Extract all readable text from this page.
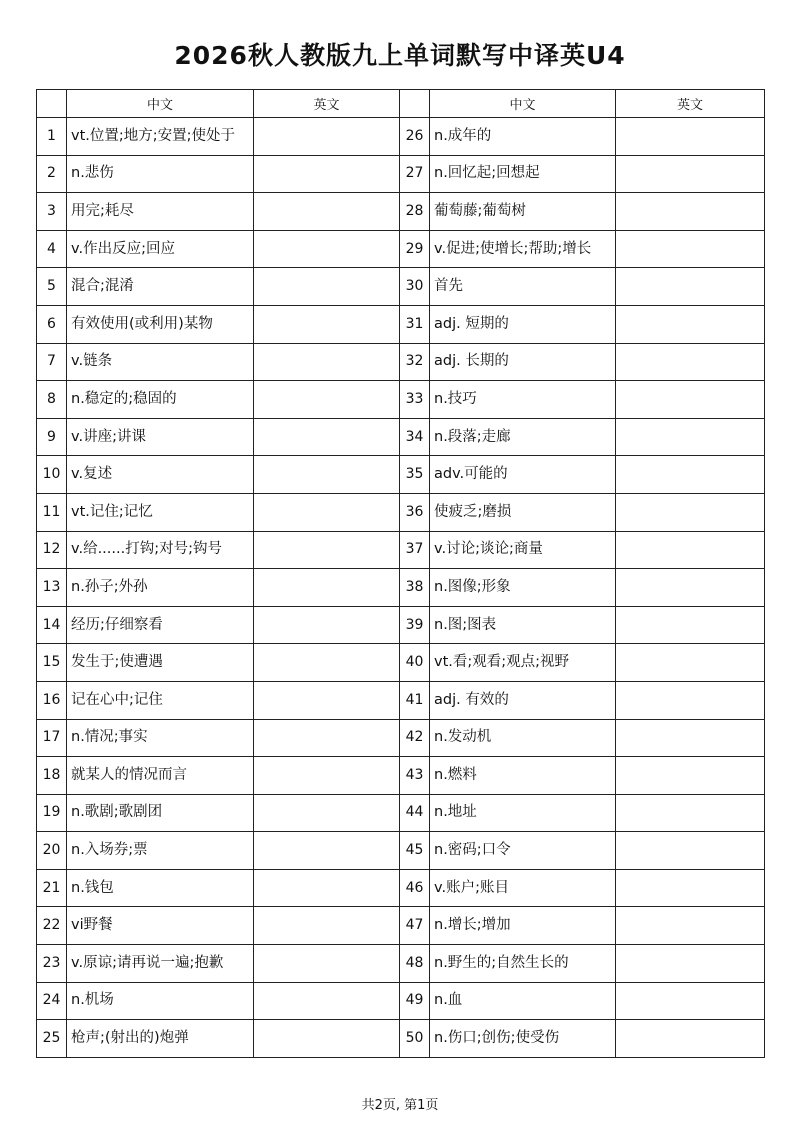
2026秋人教版九上单词默写中译英U4
	中文	英文		中文	英文
1	vt.位置;地方;安置;使处于		26	n.成年的	
2	n.悲伤		27	n.回忆起;回想起	
3	用完;耗尽		28	葡萄藤;葡萄树	
4	v.作出反应;回应		29	v.促进;使增长;帮助;增长	
5	混合;混淆		30	首先	
6	有效使用(或利用)某物		31	adj. 短期的	
7	v.链条		32	adj. 长期的	
8	n.稳定的;稳固的		33	n.技巧	
9	v.讲座;讲课		34	n.段落;走廊	
10	v.复述		35	adv.可能的	
11	vt.记住;记忆		36	使疲乏;磨损	
12	v.给......打钩;对号;钩号		37	v.讨论;谈论;商量	
13	n.孙子;外孙		38	n.图像;形象	
14	经历;仔细察看		39	n.图;图表	
15	发生于;使遭遇		40	vt.看;观看;观点;视野	
16	记在心中;记住		41	adj. 有效的	
17	n.情况;事实		42	n.发动机	
18	就某人的情况而言		43	n.燃料	
19	n.歌剧;歌剧团		44	n.地址	
20	n.入场券;票		45	n.密码;口令	
21	n.钱包		46	v.账户;账目	
22	vi野餐		47	n.增长;增加	
23	v.原谅;请再说一遍;抱歉		48	n.野生的;自然生长的	
24	n.机场		49	n.血	
25	枪声;(射出的)炮弹		50	n.伤口;创伤;使受伤	
共2页, 第1页
